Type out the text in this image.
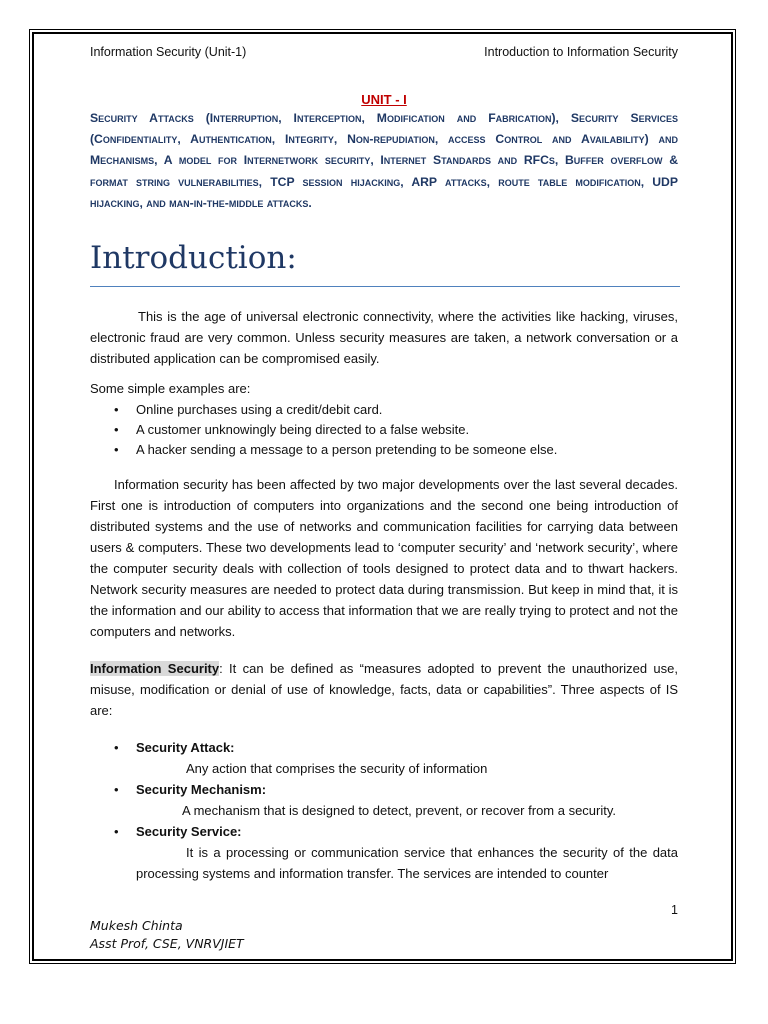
Information Security (Unit-1)	Introduction to Information Security
UNIT - I
Security Attacks (Interruption, Interception, Modification and Fabrication), Security Services (Confidentiality, Authentication, Integrity, Non-repudiation, access Control and Availability) and Mechanisms, A model for Internetwork security, Internet Standards and RFCs, Buffer overflow & format string vulnerabilities, TCP session hijacking, ARP attacks, route table modification, UDP hijacking, and man-in-the-middle attacks.
Introduction:

This is the age of universal electronic connectivity, where the activities like hacking, viruses, electronic fraud are very common. Unless security measures are taken, a network conversation or a distributed application can be compromised easily.

Some simple examples are:

• Online purchases using a credit/debit card.
• A customer unknowingly being directed to a false website.
• A hacker sending a message to a person pretending to be someone else.

Information security has been affected by two major developments over the last several decades. First one is introduction of computers into organizations and the second one being introduction of distributed systems and the use of networks and communication facilities for carrying data between users & computers. These two developments lead to ‘computer security’ and ‘network security’, where the computer security deals with collection of tools designed to protect data and to thwart hackers. Network security measures are needed to protect data during transmission. But keep in mind that, it is the information and our ability to access that information that we are really trying to protect and not the computers and networks.

Information Security: It can be defined as “measures adopted to prevent the unauthorized use, misuse, modification or denial of use of knowledge, facts, data or capabilities”. Three aspects of IS are:

• Security Attack:
Any action that comprises the security of information
• Security Mechanism:
A mechanism that is designed to detect, prevent, or recover from a security.
• Security Service:
It is a processing or communication service that enhances the security of the data processing systems and information transfer. The services are intended to counter
1
Mukesh Chinta
Asst Prof, CSE, VNRVJIET
